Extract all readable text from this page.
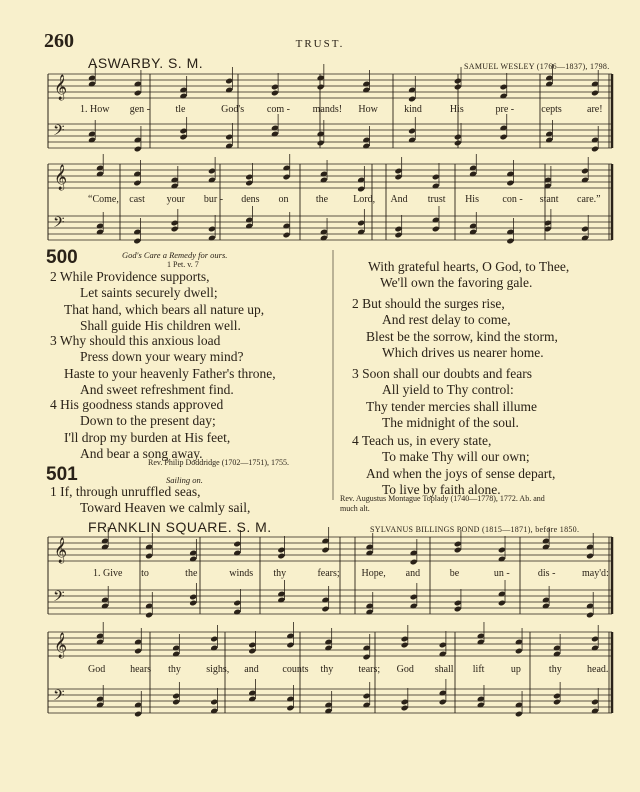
260	TRUST.
ASWARBY. S. M.	SAMUEL WESLEY (1766—1837), 1798.
1. How gen -	tle	God's com - mands! How	kind	His	pre -	cepts	are!
“Come, cast your bur - dens on	the	Lord, And trust His con - stant care.”
500	God's Care a Remedy for ours.
1 Pet. v. 7
2 While Providence supports,
Let saints securely dwell;
That hand, which bears all nature up,
Shall guide His children well.
3 Why should this anxious load
Press down your weary mind?
Haste to your heavenly Father's throne,
And sweet refreshment find.
4 His goodness stands approved
Down to the present day;
I'll drop my burden at His feet,
And bear a song away.
Rev. Philip Doddridge (1702—1751), 1755.
501	Sailing on.
1 If, through unruffled seas,
Toward Heaven we calmly sail,
With grateful hearts, O God, to Thee,
We'll own the favoring gale.
2 But should the surges rise,
And rest delay to come,
Blest be the sorrow, kind the storm,
Which drives us nearer home.
3 Soon shall our doubts and fears
All yield to Thy control:
Thy tender mercies shall illume
The midnight of the soul.
4 Teach us, in every state,
To make Thy will our own;
And when the joys of sense depart,
To live by faith alone.
Rev. Augustus Montague Toplady (1740—1778), 1772. Ab. and
much alt.
FRANKLIN SQUARE. S. M.	SYLVANUS BILLINGS POND (1815—1871), before 1850.
1. Give to	the	winds thy	fears; Hope, and	be	un -	dis -	may'd:
God hears thy	sighs, and counts thy	tears; God shall lift	up	thy	head.
𝄞
𝄢
𝄞
𝄢
𝄞
𝄢
𝄞
𝄢
